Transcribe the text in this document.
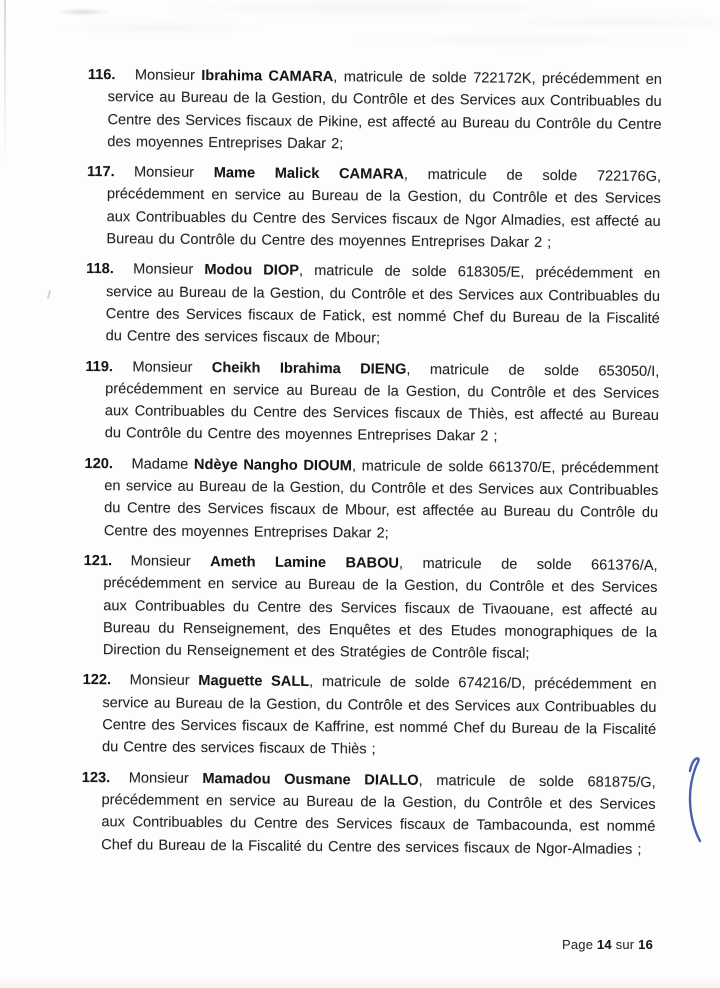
116. Monsieur Ibrahima CAMARA, matricule de solde 722172K, précédemment en service au Bureau de la Gestion, du Contrôle et des Services aux Contribuables du Centre des Services fiscaux de Pikine, est affecté au Bureau du Contrôle du Centre des moyennes Entreprises Dakar 2;

117. Monsieur Mame Malick CAMARA, matricule de solde 722176G, précédemment en service au Bureau de la Gestion, du Contrôle et des Services aux Contribuables du Centre des Services fiscaux de Ngor Almadies, est affecté au Bureau du Contrôle du Centre des moyennes Entreprises Dakar 2 ;

118. Monsieur Modou DIOP, matricule de solde 618305/E, précédemment en service au Bureau de la Gestion, du Contrôle et des Services aux Contribuables du Centre des Services fiscaux de Fatick, est nommé Chef du Bureau de la Fiscalité du Centre des services fiscaux de Mbour;

119. Monsieur Cheikh Ibrahima DIENG, matricule de solde 653050/I, précédemment en service au Bureau de la Gestion, du Contrôle et des Services aux Contribuables du Centre des Services fiscaux de Thiès, est affecté au Bureau du Contrôle du Centre des moyennes Entreprises Dakar 2 ;

120. Madame Ndèye Nangho DIOUM, matricule de solde 661370/E, précédemment en service au Bureau de la Gestion, du Contrôle et des Services aux Contribuables du Centre des Services fiscaux de Mbour, est affectée au Bureau du Contrôle du Centre des moyennes Entreprises Dakar 2;

121. Monsieur Ameth Lamine BABOU, matricule de solde 661376/A, précédemment en service au Bureau de la Gestion, du Contrôle et des Services aux Contribuables du Centre des Services fiscaux de Tivaouane, est affecté au Bureau du Renseignement, des Enquêtes et des Etudes monographiques de la Direction du Renseignement et des Stratégies de Contrôle fiscal;

122. Monsieur Maguette SALL, matricule de solde 674216/D, précédemment en service au Bureau de la Gestion, du Contrôle et des Services aux Contribuables du Centre des Services fiscaux de Kaffrine, est nommé Chef du Bureau de la Fiscalité du Centre des services fiscaux de Thiès ;

123. Monsieur Mamadou Ousmane DIALLO, matricule de solde 681875/G, précédemment en service au Bureau de la Gestion, du Contrôle et des Services aux Contribuables du Centre des Services fiscaux de Tambacounda, est nommé Chef du Bureau de la Fiscalité du Centre des services fiscaux de Ngor-Almadies ;

Page 14 sur 16
